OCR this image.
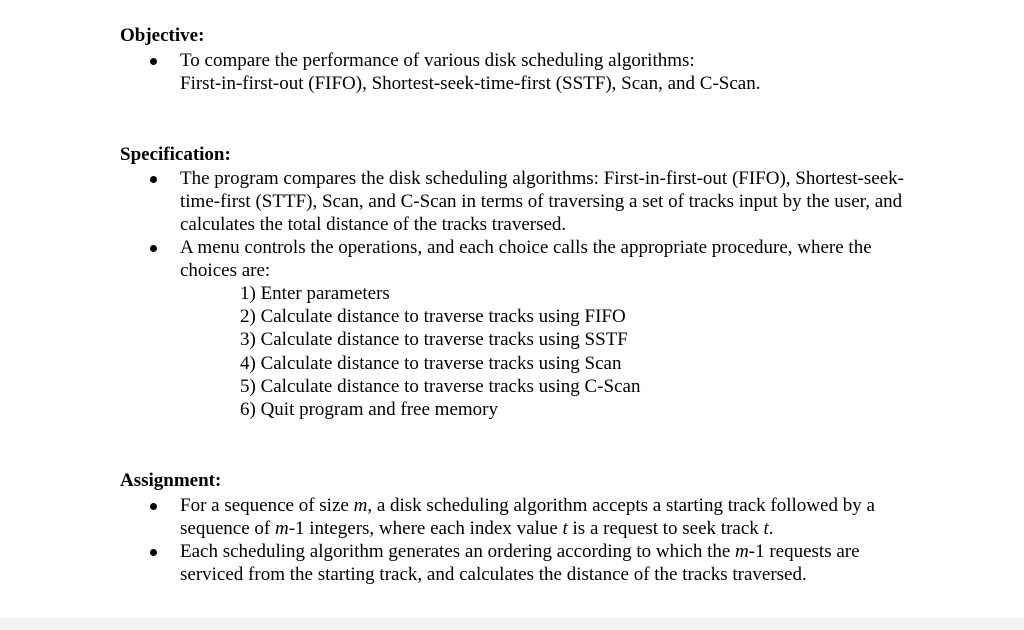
Objective:
To compare the performance of various disk scheduling algorithms:
First-in-first-out (FIFO), Shortest-seek-time-first (SSTF), Scan, and C-Scan.
Specification:
The program compares the disk scheduling algorithms: First-in-first-out (FIFO), Shortest-seek-time-first (STTF), Scan, and C-Scan in terms of traversing a set of tracks input by the user, and calculates the total distance of the tracks traversed.
A menu controls the operations, and each choice calls the appropriate procedure, where the choices are:
1) Enter parameters
2) Calculate distance to traverse tracks using FIFO
3) Calculate distance to traverse tracks using SSTF
4) Calculate distance to traverse tracks using Scan
5) Calculate distance to traverse tracks using C-Scan
6) Quit program and free memory
Assignment:
For a sequence of size m, a disk scheduling algorithm accepts a starting track followed by a sequence of m-1 integers, where each index value t is a request to seek track t.
Each scheduling algorithm generates an ordering according to which the m-1 requests are serviced from the starting track, and calculates the distance of the tracks traversed.
